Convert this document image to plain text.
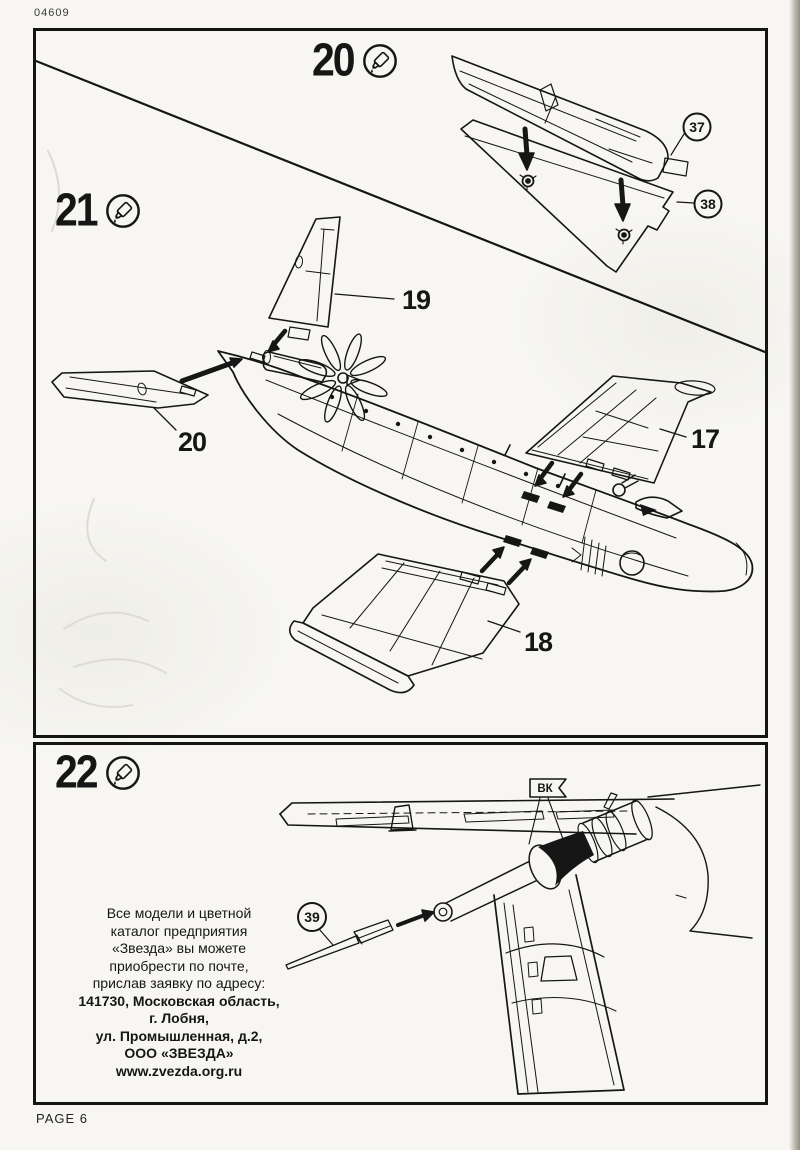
04609
37
38
19
20	17
18
20
21
39
ВК
Все модели и цветной
каталог предприятия
«Звезда» вы можете
приобрести по почте,
прислав заявку по адресу:
141730, Московская область,
г. Лобня,
ул. Промышленная, д.2,
ООО «ЗВЕЗДА»
www.zvezda.org.ru
22
PAGE 6
